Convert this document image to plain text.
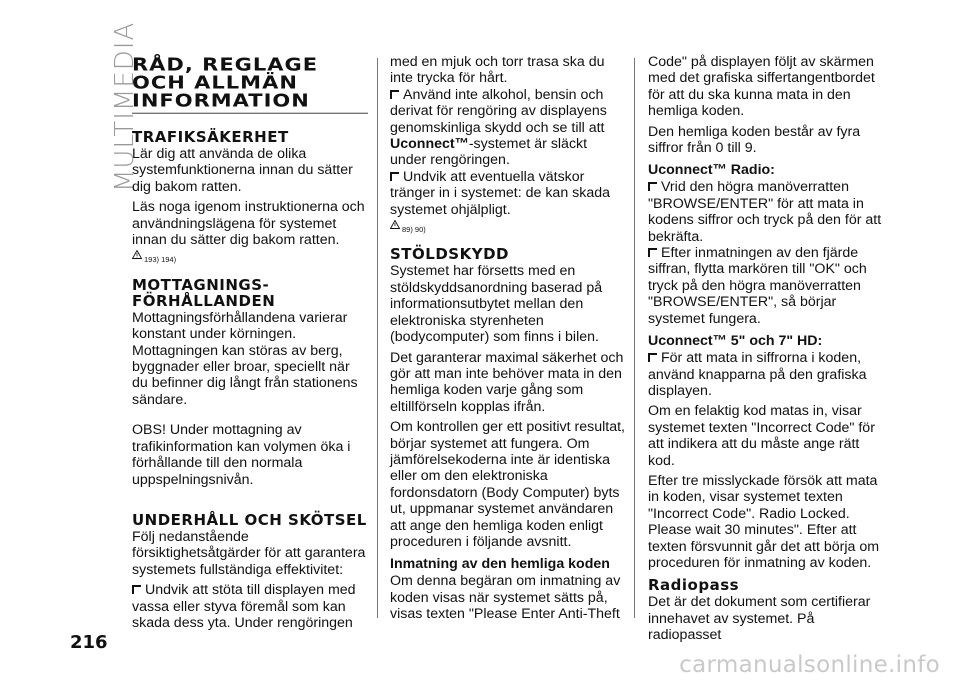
MULTIMEDIA
RÅD, REGLAGE OCH ALLMÄN INFORMATION
TRAFIKSÄKERHET

Lär dig att använda de olika systemfunktionerna innan du sätter dig bakom ratten.

Läs noga igenom instruktionerna och användningslägena för systemet innan du sätter dig bakom ratten.

193) 194)
MOTTAGNINGS-FÖRHÅLLANDEN

Mottagningsförhållandena varierar konstant under körningen. Mottagningen kan störas av berg, byggnader eller broar, speciellt när du befinner dig långt från stationens sändare.

OBS! Under mottagning av trafikinformation kan volymen öka i förhållande till den normala uppspelningsnivån.

UNDERHÅLL OCH SKÖTSEL

Följ nedanstående försiktighetsåtgärder för att garantera systemets fullständiga effektivitet:

Undvik att stöta till displayen med vassa eller styva föremål som kan skada dess yta. Under rengöringen

med en mjuk och torr trasa ska du inte trycka för hårt.

Använd inte alkohol, bensin och derivat för rengöring av displayens genomskinliga skydd och se till att Uconnect™-systemet är släckt under rengöringen.

Undvik att eventuella vätskor tränger in i systemet: de kan skada systemet ohjälpligt.

89) 90)
STÖLDSKYDD

Systemet har försetts med en stöldskyddsanordning baserad på informationsutbytet mellan den elektroniska styrenheten (bodycomputer) som finns i bilen.

Det garanterar maximal säkerhet och gör att man inte behöver mata in den hemliga koden varje gång som eltillförseln kopplas ifrån.

Om kontrollen ger ett positivt resultat, börjar systemet att fungera. Om jämförelsekoderna inte är identiska eller om den elektroniska fordonsdatorn (Body Computer) byts ut, uppmanar systemet användaren att ange den hemliga koden enligt proceduren i följande avsnitt.

Inmatning av den hemliga koden

Om denna begäran om inmatning av koden visas när systemet sätts på, visas texten "Please Enter Anti-Theft

Code" på displayen följt av skärmen med det grafiska siffertangentbordet för att du ska kunna mata in den hemliga koden.

Den hemliga koden består av fyra siffror från 0 till 9.

Uconnect™ Radio:

Vrid den högra manöverratten "BROWSE/ENTER" för att mata in kodens siffror och tryck på den för att bekräfta.

Efter inmatningen av den fjärde siffran, flytta markören till "OK" och tryck på den högra manöverratten "BROWSE/ENTER", så börjar systemet fungera.

Uconnect™ 5" och 7" HD:

För att mata in siffrorna i koden, använd knapparna på den grafiska displayen.

Om en felaktig kod matas in, visar systemet texten "Incorrect Code" för att indikera att du måste ange rätt kod.

Efter tre misslyckade försök att mata in koden, visar systemet texten "Incorrect Code". Radio Locked. Please wait 30 minutes". Efter att texten försvunnit går det att börja om proceduren för inmatning av koden.

Radiopass

Det är det dokument som certifierar innehavet av systemet. På radiopasset

216
carmanualsonline.info
